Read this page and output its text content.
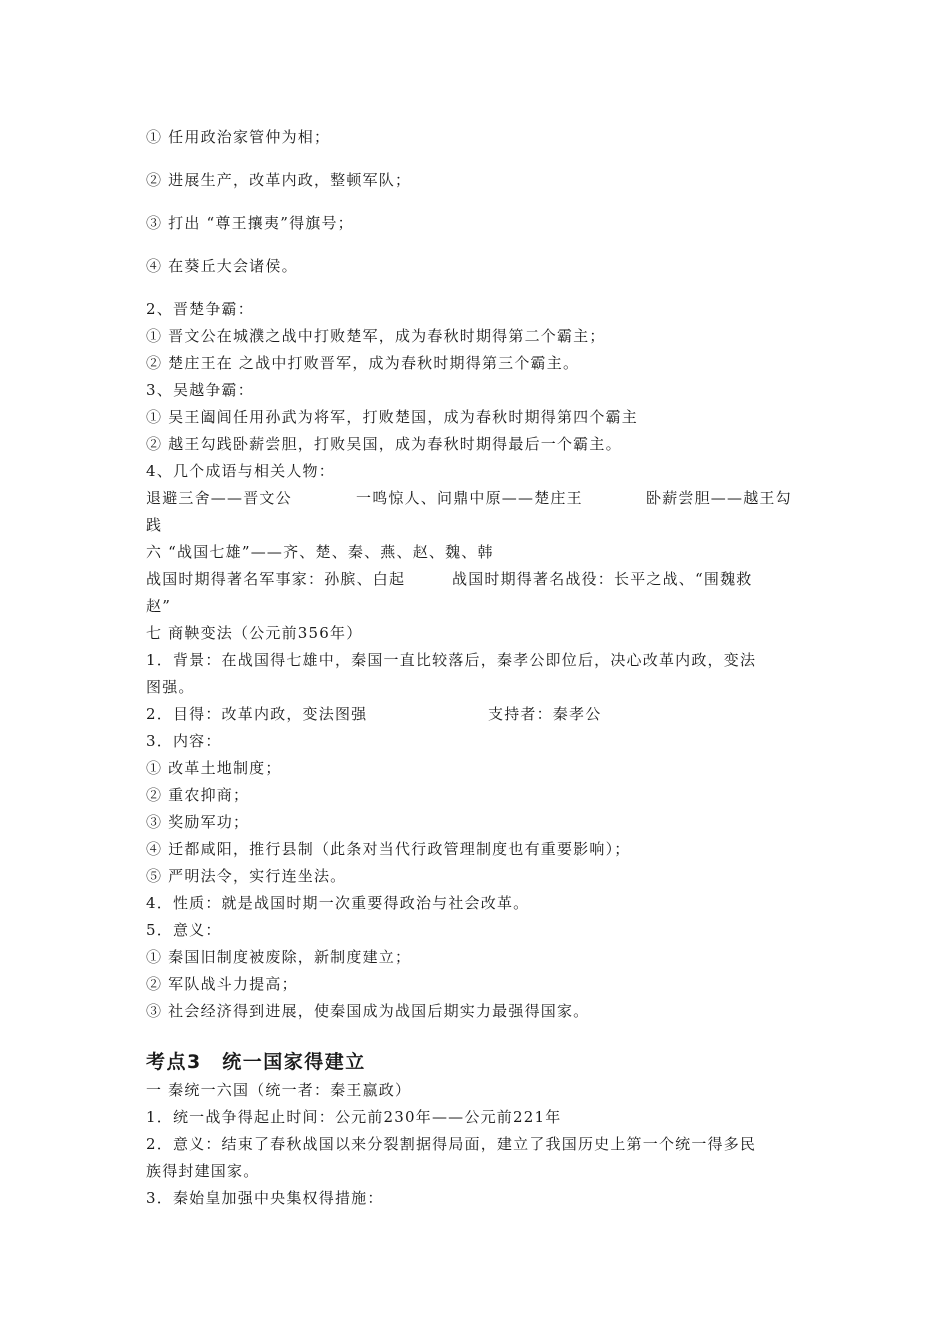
① 任用政治家管仲为相；
② 进展生产，改革内政，整顿军队；
③ 打出 “尊王攘夷”得旗号；
④ 在葵丘大会诸侯。
2、晋楚争霸：
① 晋文公在城濮之战中打败楚军，成为春秋时期得第二个霸主；
② 楚庄王在 之战中打败晋军，成为春秋时期得第三个霸主。
3、吴越争霸：
① 吴王阖闾任用孙武为将军，打败楚国，成为春秋时期得第四个霸主
② 越王勾践卧薪尝胆，打败吴国，成为春秋时期得最后一个霸主。
4、几个成语与相关人物：
退避三舍——晋文公	一鸣惊人、问鼎中原——楚庄王	卧薪尝胆——越王勾
践
六 “战国七雄”——齐、楚、秦、燕、赵、魏、韩
战国时期得著名军事家：孙膑、白起	战国时期得著名战役：长平之战、“围魏救
赵”
七 商鞅变法（公元前356年）
1．背景：在战国得七雄中，秦国一直比较落后，秦孝公即位后，决心改革内政，变法
图强。
2．目得：改革内政，变法图强	支持者：秦孝公
3．内容：
① 改革土地制度；
② 重农抑商；
③ 奖励军功；
④ 迁都咸阳，推行县制（此条对当代行政管理制度也有重要影响）；
⑤ 严明法令，实行连坐法。
4．性质：就是战国时期一次重要得政治与社会改革。
5．意义：
① 秦国旧制度被废除，新制度建立；
② 军队战斗力提高；
③ 社会经济得到进展，使秦国成为战国后期实力最强得国家。
考点3　统一国家得建立
一 秦统一六国（统一者：秦王嬴政）
1．统一战争得起止时间：公元前230年——公元前221年
2．意义：结束了春秋战国以来分裂割据得局面，建立了我国历史上第一个统一得多民
族得封建国家。
3．秦始皇加强中央集权得措施：
